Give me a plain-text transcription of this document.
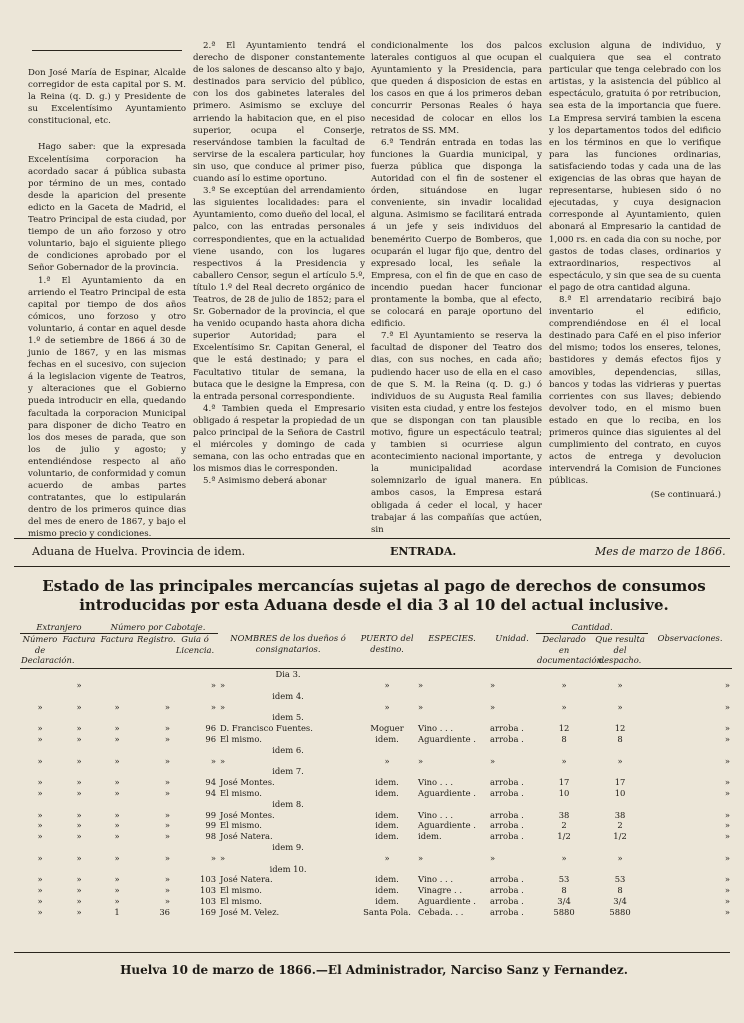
Don José María de Espinar, Alcalde corregidor de esta capital por S. M. la Reina (q. D. g.) y Presidente de su Excelentísimo Ayuntamiento constitucional, etc.

Hago saber: que la expresada Excelentísima corporacion ha acordado sacar á pública subasta por término de un mes, contado desde la aparicion del presente edicto en la Gaceta de Madrid, el Teatro Principal de esta ciudad, por tiempo de un año forzoso y otro voluntario, bajo el siguiente pliego de condiciones aprobado por el Señor Gobernador de la provincia.

1.ª El Ayuntamiento da en arriendo el Teatro Principal de esta capital por tiempo de dos años cómicos, uno forzoso y otro voluntario, á contar en aquel desde 1.º de setiembre de 1866 á 30 de junio de 1867, y en las mismas fechas en el sucesivo, con sujecion á la legislacion vigente de Teatros, y alteraciones que el Gobierno pueda introducir en ella, quedando facultada la corporacion Municipal para disponer de dicho Teatro en los dos meses de parada, que son los de julio y agosto; y entendiéndose respecto al año voluntario, de conformidad y comun acuerdo de ambas partes contratantes, que lo estipularán dentro de los primeros quince dias del mes de enero de 1867, y bajo el mismo precio y condiciones.

2.ª El Ayuntamiento tendrá el derecho de disponer constantemente de los salones de descanso alto y bajo, destinados para servicio del público, con los dos gabinetes laterales del primero. Asimismo se excluye del arriendo la habitacion que, en el piso superior, ocupa el Conserje, reservándose tambien la facultad de servirse de la escalera particular, hoy sin uso, que conduce al primer piso, cuando así lo estime oportuno.

3.ª Se exceptúan del arrendamiento las siguientes localidades: para el Ayuntamiento, como dueño del local, el palco, con las entradas personales correspondientes, que en la actualidad viene usando, con los lugares respectivos á la Presidencia y caballero Censor, segun el artículo 5.º, título 1.º del Real decreto orgánico de Teatros, de 28 de julio de 1852; para el Sr. Gobernador de la provincia, el que ha venido ocupando hasta ahora dicha superior Autoridad; para el Excelentísimo Sr. Capitan General, el que le está destinado; y para el Facultativo titular de semana, la butaca que le designe la Empresa, con la entrada personal correspondiente.

4.ª Tambien queda el Empresario obligado á respetar la propiedad de un palco principal de la Señora de Castril el miércoles y domingo de cada semana, con las ocho entradas que en los mismos dias le corresponden.

5.ª Asimismo deberá abonar

condicionalmente los dos palcos laterales contiguos al que ocupan el Ayuntamiento y la Presidencia, para que queden á disposicion de estas en los casos en que á los primeros deban concurrir Personas Reales ó haya necesidad de colocar en ellos los retratos de SS. MM.

6.ª Tendrán entrada en todas las funciones la Guardia municipal, y fuerza pública que disponga la Autoridad con el fin de sostener el órden, situándose en lugar conveniente, sin invadir localidad alguna. Asimismo se facilitará entrada á un jefe y seis individuos del benemérito Cuerpo de Bomberos, que ocuparán el lugar fijo que, dentro del expresado local, les señale la Empresa, con el fin de que en caso de incendio puedan hacer funcionar prontamente la bomba, que al efecto, se colocará en paraje oportuno del edificio.

7.ª El Ayuntamiento se reserva la facultad de disponer del Teatro dos dias, con sus noches, en cada año; pudiendo hacer uso de ella en el caso de que S. M. la Reina (q. D. g.) ó individuos de su Augusta Real familia visiten esta ciudad, y entre los festejos que se dispongan con tan plausible motivo, figure un espectáculo teatral; y tambien si ocurriese algun acontecimiento nacional importante, y la municipalidad acordase solemnizarlo de igual manera. En ambos casos, la Empresa estará obligada á ceder el local, y hacer trabajar á las compañías que actúen, sin

exclusion alguna de individuo, y cualquiera que sea el contrato particular que tenga celebrado con los artistas, y la asistencia del público al espectáculo, gratuita ó por retribucion, sea esta de la importancia que fuere. La Empresa servirá tambien la escena y los departamentos todos del edificio en los términos en que lo verifique para las funciones ordinarias, satisfaciendo todas y cada una de las exigencias de las obras que hayan de representarse, hubiesen sido ó no ejecutadas, y cuya designacion corresponde al Ayuntamiento, quien abonará al Empresario la cantidad de 1,000 rs. en cada dia con su noche, por gastos de todas clases, ordinarios y extraordinarios, respectivos al espectáculo, y sin que sea de su cuenta el pago de otra cantidad alguna.

8.ª El arrendatario recibirá bajo inventario el edificio, comprendiéndose en él el local destinado para Café en el piso inferior del mismo; todos los enseres, telones, bastidores y demás efectos fijos y amovibles, dependencias, sillas, bancos y todas las vidrieras y puertas corrientes con sus llaves; debiendo devolver todo, en el mismo buen estado en que lo reciba, en los primeros quince dias siguientes al del cumplimiento del contrato, en cuyos actos de entrega y devolucion intervendrá la Comision de Funciones públicas.

(Se continuará.)

Aduana de Huelva. Provincia de idem.	ENTRADA.	Mes de marzo de 1866.
Estado de las principales mercancías sujetas al pago de derechos de consumos introducidas por esta Aduana desde el dia 3 al 10 del actual inclusive.
Extranjero		Número por Cabotaje.							Cantidad.		
Número de Declaración.	Factura	Factura	Registro.	Guia ó Licencia.	NOMBRES de los dueños ó consignatarios.	PUERTO del destino.	ESPECIES.	Unidad.	Declarado en documentación.	Que resulta del despacho.	Observaciones.

					Dia 3.						
	»			»	»	»	»	»	»	»	»
					idem 4.						
»	»	»	»	»	»	»	»	»	»	»	»
					idem 5.						
»	»	»	»	96	D. Francisco Fuentes.	Moguer	Vino . . .	arroba .	12	12	»
»	»	»	»	96	El mismo.	idem.	Aguardiente .	arroba .	8	8	»
					idem 6.						
»	»	»	»	»	»	»	»	»	»	»	»
					idem 7.						
»	»	»	»	94	José Montes.	idem.	Vino . . .	arroba .	17	17	»
»	»	»	»	94	El mismo.	idem.	Aguardiente .	arroba .	10	10	»
					idem 8.						
»	»	»	»	99	José Montes.	idem.	Vino . . .	arroba .	38	38	»
»	»	»	»	99	El mismo.	idem.	Aguardiente .	arroba .	2	2	»
»	»	»	»	98	José Natera.	idem.	idem.	arroba .	1/2	1/2	»
					idem 9.						
»	»	»	»	»	»	»	»	»	»	»	»
					idem 10.						
»	»	»	»	103	José Natera.	idem.	Vino . . .	arroba .	53	53	»
»	»	»	»	103	El mismo.	idem.	Vinagre . .	arroba .	8	8	»
»	»	»	»	103	El mismo.	idem.	Aguardiente .	arroba .	3/4	3/4	»
»	»	1	36	169	José M. Velez.	Santa Pola.	Cebada. . .	arroba .	5880	5880	»
Huelva 10 de marzo de 1866.—El Administrador, Narciso Sanz y Fernandez.
